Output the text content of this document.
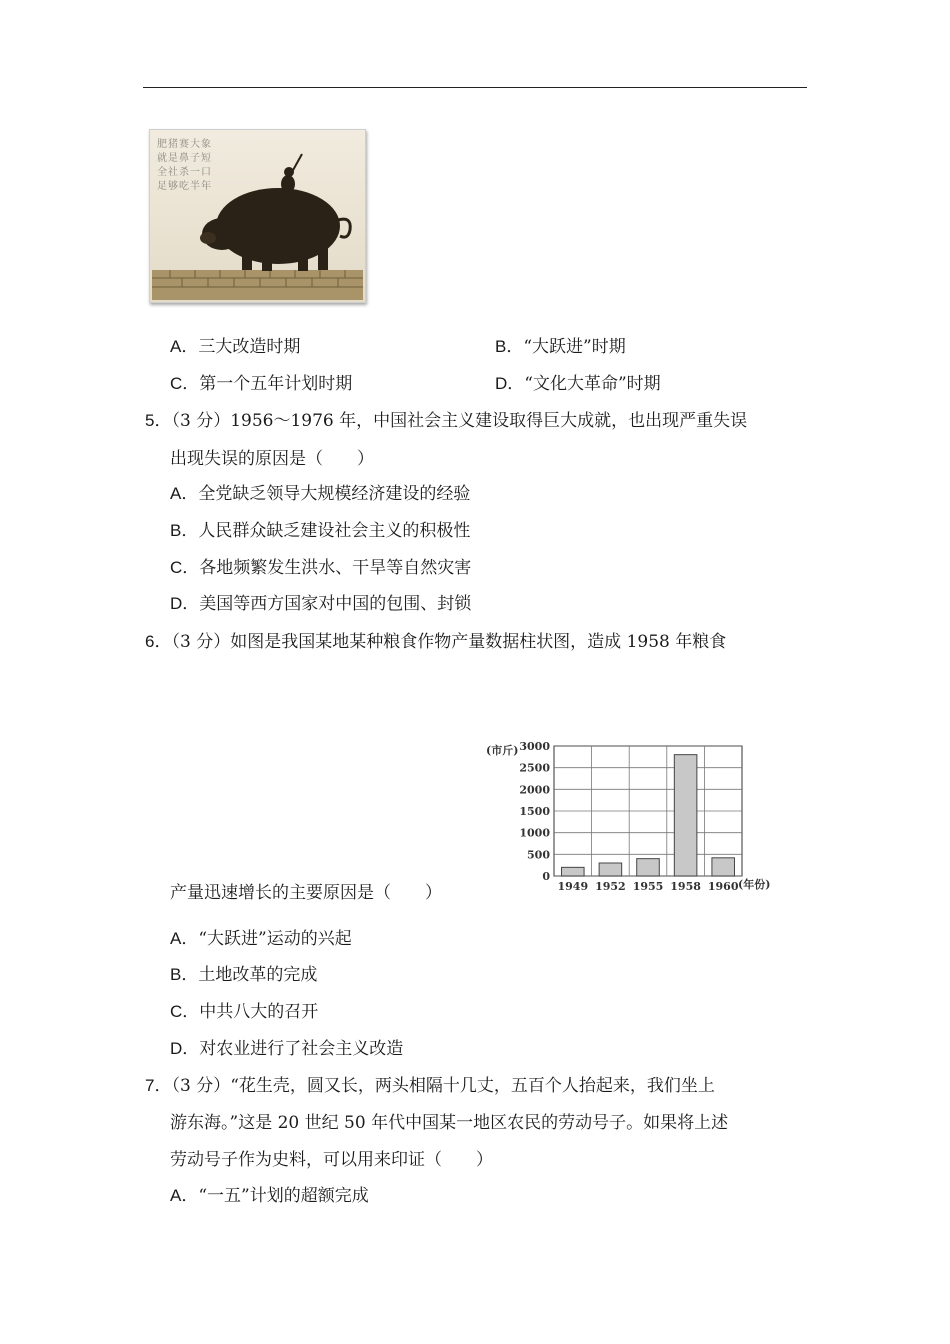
A．三大改造时期	B．“大跃进”时期
C．第一个五年计划时期	D．“文化大革命”时期
5．（3 分）1956～1976 年，中国社会主义建设取得巨大成就，也出现严重失误
出现失误的原因是（　　）
A．全党缺乏领导大规模经济建设的经验
B．人民群众缺乏建设社会主义的积极性
C．各地频繁发生洪水、干旱等自然灾害
D．美国等西方国家对中国的包围、封锁
6．（3 分）如图是我国某地某种粮食作物产量数据柱状图，造成 1958 年粮食
0
500
1000
1500
2000
2500
3000
1949 1952 1955 1958 1960
(市斤)
(年份)
产量迅速增长的主要原因是（　　）
A．“大跃进”运动的兴起
B．土地改革的完成
C．中共八大的召开
D．对农业进行了社会主义改造
7．（3 分）“花生壳，圆又长，两头相隔十几丈，五百个人抬起来，我们坐上
游东海。”这是 20 世纪 50 年代中国某一地区农民的劳动号子。如果将上述
劳动号子作为史料，可以用来印证（　　）
A．“一五”计划的超额完成
